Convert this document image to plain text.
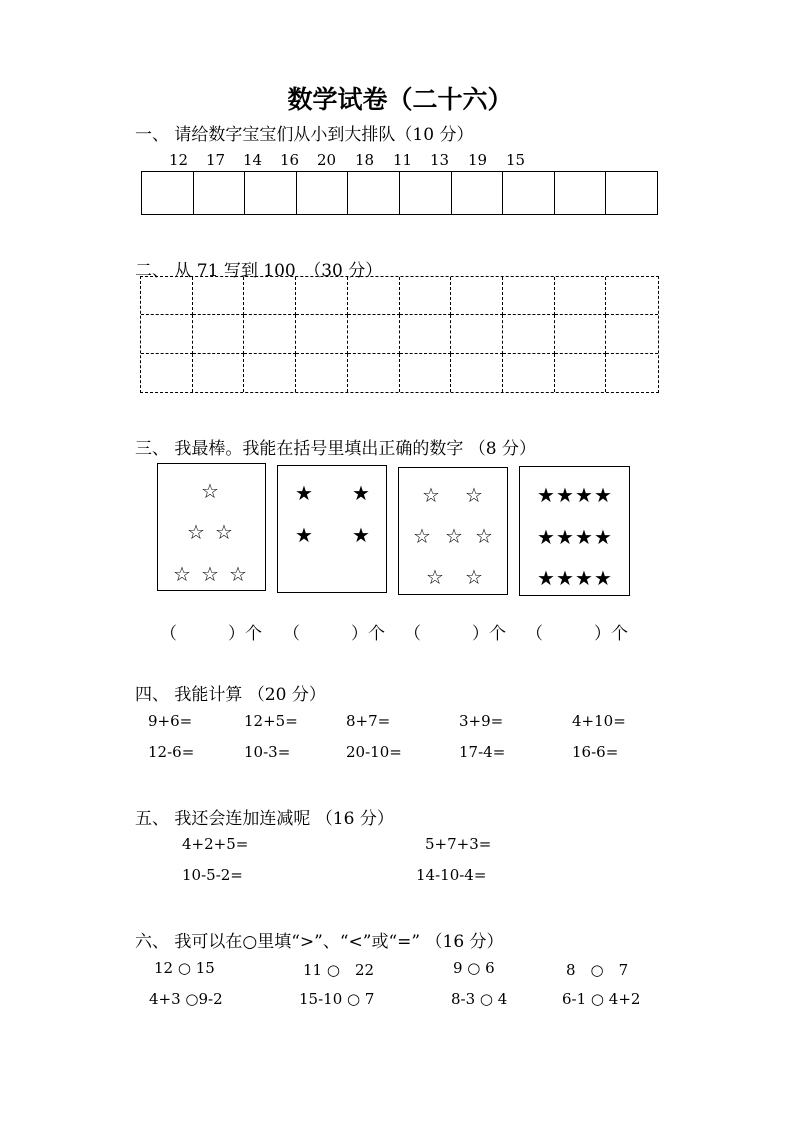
数学试卷（二十六）
一、 请给数字宝宝们从小到大排队（10 分）
12 17 14 16 20 18 11 13 19 15
二、 从 71 写到 100　（30 分）
三、 我最棒。我能在括号里填出正确的数字 （8 分）
☆
☆ ☆
☆ ☆ ☆
★ ★
★ ★
☆ ☆
☆ ☆ ☆
☆ ☆
★ ★ ★ ★
★ ★ ★ ★
★ ★ ★ ★
（　　　）个 （　　　）个 （　　　）个 （　　　）个
四、 我能计算 （20 分）
9+6=	12+5=	8+7=	3+9=	4+10=
12-6=	10-3=	20-10=	17-4=	16-6=
五、 我还会连加连减呢 （16 分）
4+2+5=	5+7+3=
10-5-2=	14-10-4=
六、 我可以在○里填“>”、“<”或“=” （16 分）
12 ○ 15	11 ○　22	9 ○ 6	8　○　7
4+3 ○9-2	15-10 ○ 7	8-3 ○ 4	6-1 ○ 4+2
